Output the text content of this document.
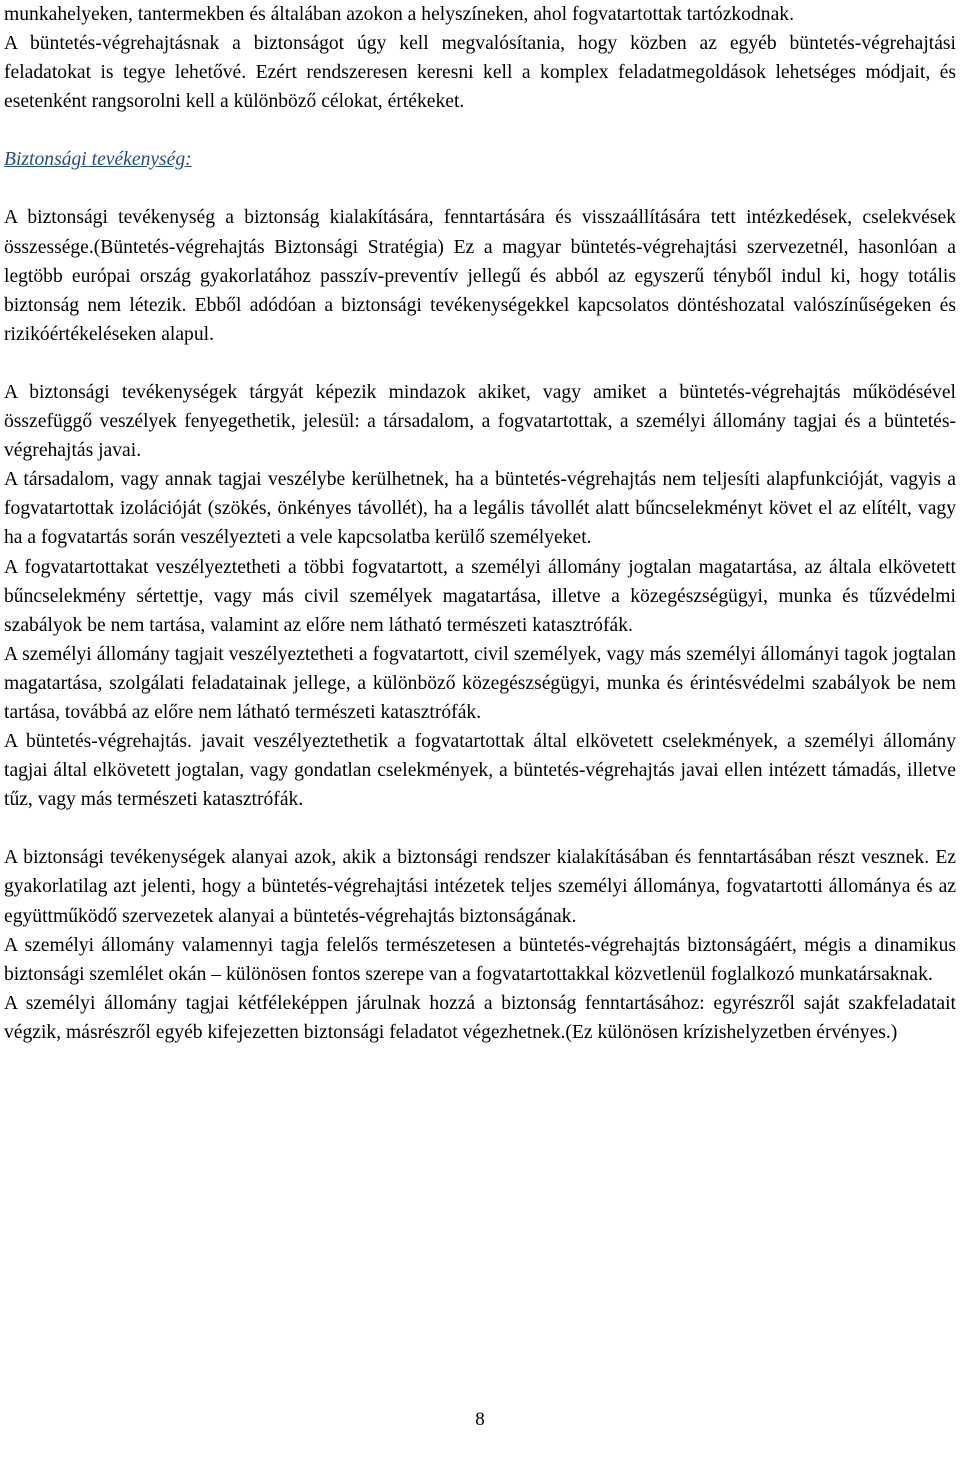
munkahelyeken, tantermekben és általában azokon a helyszíneken, ahol fogvatartottak tartózkodnak.

A büntetés-végrehajtásnak a biztonságot úgy kell megvalósítania, hogy közben az egyéb büntetés-végrehajtási feladatokat is tegye lehetővé. Ezért rendszeresen keresni kell a komplex feladatmegoldások lehetséges módjait, és esetenként rangsorolni kell a különböző célokat, értékeket.

Biztonsági tevékenység:

A biztonsági tevékenység a biztonság kialakítására, fenntartására és visszaállítására tett intézkedések, cselekvések összessége.(Büntetés-végrehajtás Biztonsági Stratégia) Ez a magyar büntetés-végrehajtási szervezetnél, hasonlóan a legtöbb európai ország gyakorlatához passzív-preventív jellegű és abból az egyszerű tényből indul ki, hogy totális biztonság nem létezik. Ebből adódóan a biztonsági tevékenységekkel kapcsolatos döntéshozatal valószínűségeken és rizikóértékeléseken alapul.

A biztonsági tevékenységek tárgyát képezik mindazok akiket, vagy amiket a büntetés-végrehajtás működésével összefüggő veszélyek fenyegethetik, jelesül: a társadalom, a fogvatartottak, a személyi állomány tagjai és a büntetés-végrehajtás javai.

A társadalom, vagy annak tagjai veszélybe kerülhetnek, ha a büntetés-végrehajtás nem teljesíti alapfunkcióját, vagyis a fogvatartottak izolációját (szökés, önkényes távollét), ha a legális távollét alatt bűncselekményt követ el az elítélt, vagy ha a fogvatartás során veszélyezteti a vele kapcsolatba kerülő személyeket.

A fogvatartottakat veszélyeztetheti a többi fogvatartott, a személyi állomány jogtalan magatartása, az általa elkövetett bűncselekmény sértettje, vagy más civil személyek magatartása, illetve a közegészségügyi, munka és tűzvédelmi szabályok be nem tartása, valamint az előre nem látható természeti katasztrófák.

A személyi állomány tagjait veszélyeztetheti a fogvatartott, civil személyek, vagy más személyi állományi tagok jogtalan magatartása, szolgálati feladatainak jellege, a különböző közegészségügyi, munka és érintésvédelmi szabályok be nem tartása, továbbá az előre nem látható természeti katasztrófák.

A büntetés-végrehajtás. javait veszélyeztethetik a fogvatartottak által elkövetett cselekmények, a személyi állomány tagjai által elkövetett jogtalan, vagy gondatlan cselekmények, a büntetés-végrehajtás javai ellen intézett támadás, illetve tűz, vagy más természeti katasztrófák.

A biztonsági tevékenységek alanyai azok, akik a biztonsági rendszer kialakításában és fenntartásában részt vesznek. Ez gyakorlatilag azt jelenti, hogy a büntetés-végrehajtási intézetek teljes személyi állománya, fogvatartotti állománya és az együttműködő szervezetek alanyai a büntetés-végrehajtás biztonságának.

A személyi állomány valamennyi tagja felelős természetesen a büntetés-végrehajtás biztonságáért, mégis a dinamikus biztonsági szemlélet okán – különösen fontos szerepe van a fogvatartottakkal közvetlenül foglalkozó munkatársaknak.

A személyi állomány tagjai kétféleképpen járulnak hozzá a biztonság fenntartásához: egyrészről saját szakfeladatait végzik, másrészről egyéb kifejezetten biztonsági feladatot végezhetnek.(Ez különösen krízishelyzetben érvényes.)

8
